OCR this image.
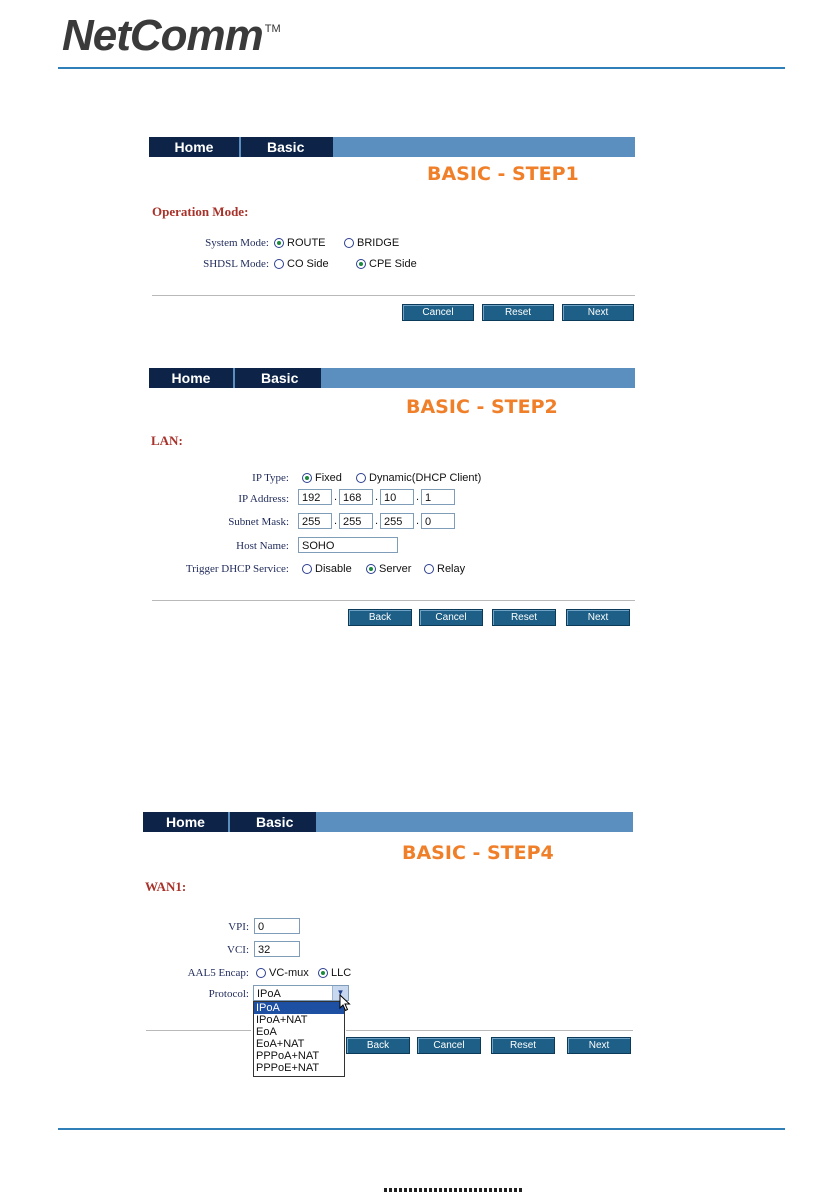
NetComm ™
Home	Basic
BASIC - STEP1
Operation Mode:
System Mode:	ROUTE	BRIDGE
SHDSL Mode:	CO Side	CPE Side
Cancel	Reset	Next
Home	Basic
BASIC - STEP2
LAN:
IP Type:	Fixed	Dynamic(DHCP Client)
IP Address:	192	. 168	. 10	. 1
Subnet Mask:	255	. 255	. 255	. 0
Host Name:	SOHO
Trigger DHCP Service:	Disable	Server	Relay
Back	Cancel	Reset	Next
Home	Basic
BASIC - STEP4
WAN1:
VPI: 0
VCI: 32
AAL5 Encap:	VC-mux	LLC
Protocol: IPoA	▼
IPoA
IPoA+NAT
EoA
EoA+NAT
PPPoA+NAT
PPPoE+NAT
Back	Cancel	Reset	Next
